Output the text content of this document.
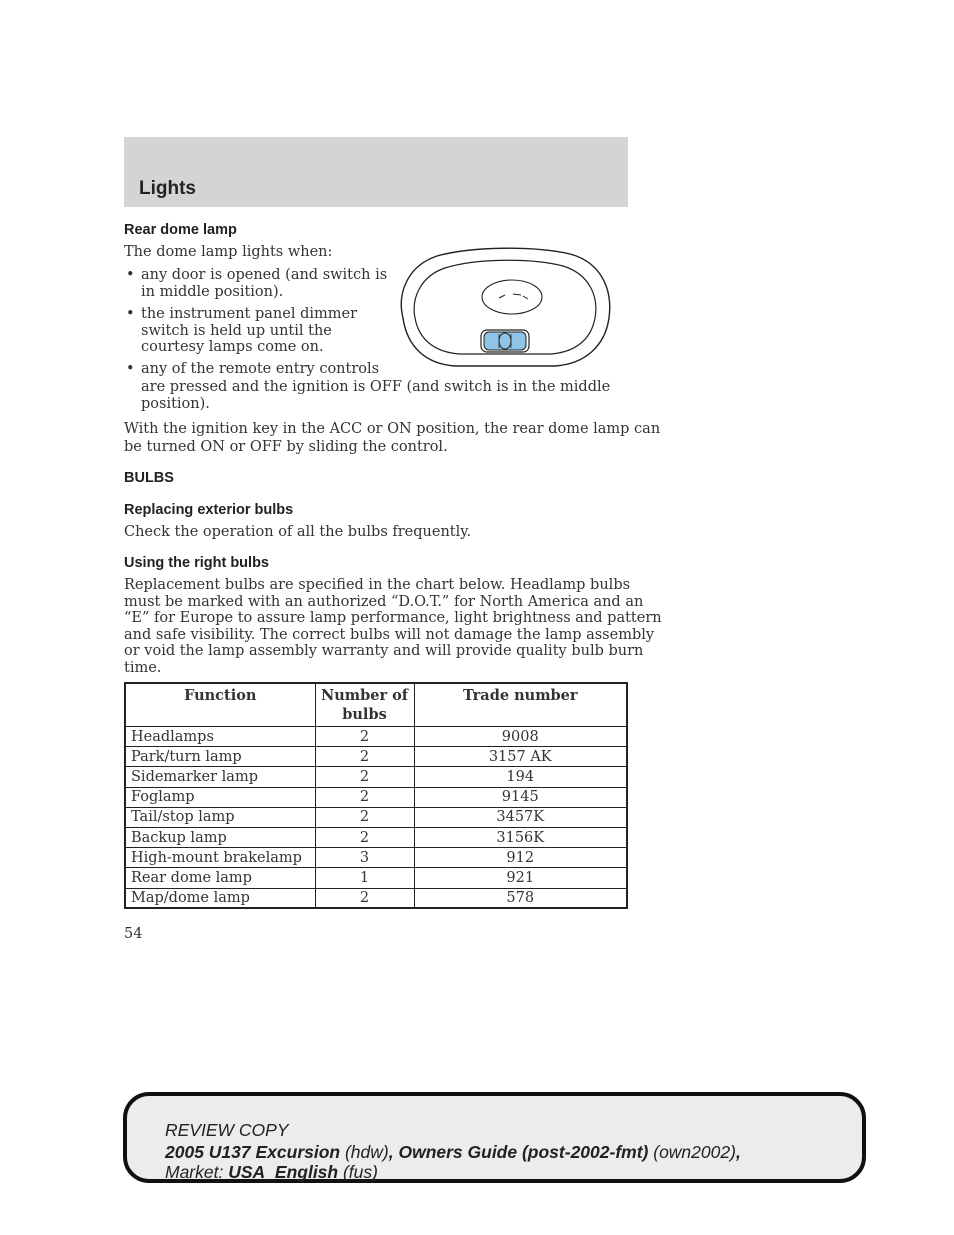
Lights
Rear dome lamp
The dome lamp lights when:
• any door is opened (and switch is
in middle position).
• the instrument panel dimmer
switch is held up until the
courtesy lamps come on.
• any of the remote entry controls
are pressed and the ignition is OFF (and switch is in the middle
position).
With the ignition key in the ACC or ON position, the rear dome lamp can
be turned ON or OFF by sliding the control.
BULBS
Replacing exterior bulbs
Check the operation of all the bulbs frequently.
Using the right bulbs
Replacement bulbs are specified in the chart below. Headlamp bulbs
must be marked with an authorized “D.O.T.” for North America and an
“E” for Europe to assure lamp performance, light brightness and pattern
and safe visibility. The correct bulbs will not damage the lamp assembly
or void the lamp assembly warranty and will provide quality bulb burn
time.
Function	Number of bulbs	Trade number
Headlamps	2	9008
Park/turn lamp	2	3157 AK
Sidemarker lamp	2	194
Foglamp	2	9145
Tail/stop lamp	2	3457K
Backup lamp	2	3156K
High-mount brakelamp	3	912
Rear dome lamp	1	921
Map/dome lamp	2	578
54
REVIEW COPY
2005 U137 Excursion (hdw), Owners Guide (post-2002-fmt) (own2002),
Market: USA_English (fus)
